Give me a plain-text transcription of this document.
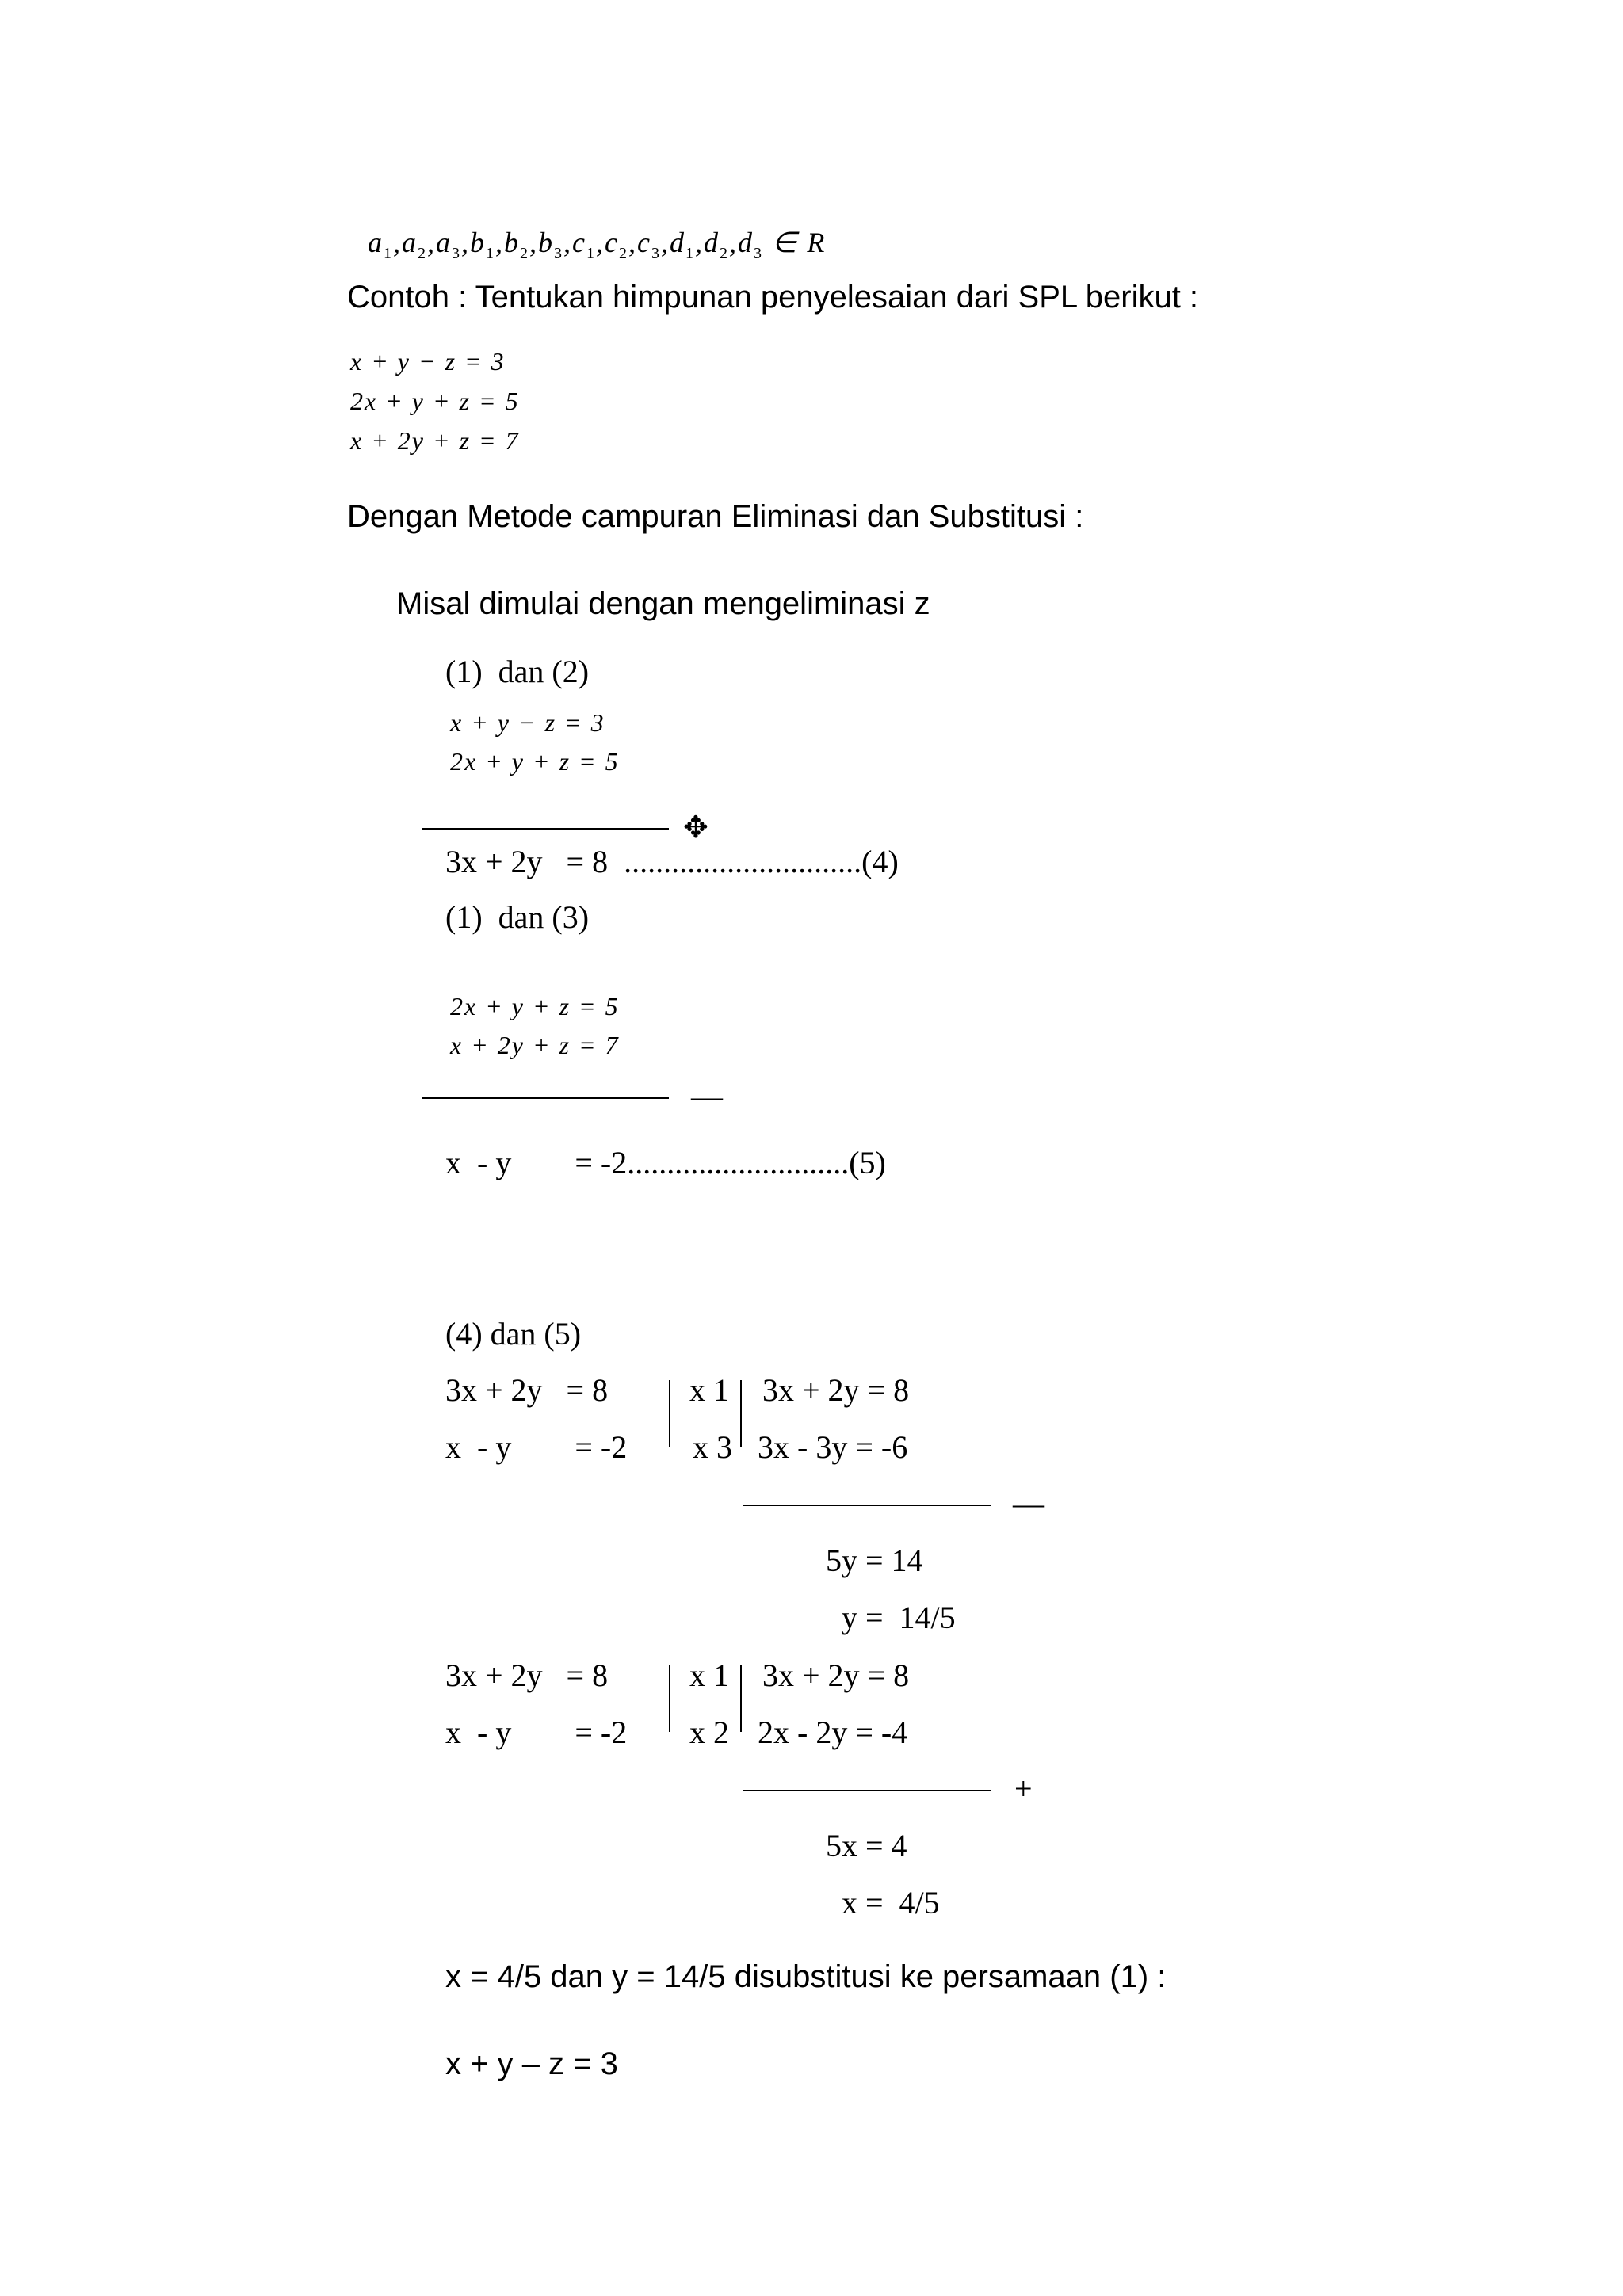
$a_1,a_2,a_3,b_1,b_2,b_3,c_1,c_2,c_3,d_1,d_2,d_3$ ∈ R

Contoh : Tentukan himpunan penyelesaian dari SPL berikut :
x + y − z = 3
2x + y + z = 5
x + 2y + z = 7
Dengan Metode campuran Eliminasi dan Substitusi :
Misal dimulai dengan mengeliminasi z
(1)  dan (2)
x + y − z = 3
2x + y + z = 5
✥
3x + 2y   = 8  ..............................(4)
(1)  dan (3)
2x + y + z = 5
x + 2y + z = 7
—
x  - y        = -2............................(5)
(4) dan (5)
3x + 2y   = 8
x  - y        = -2
x 1
x 3
3x + 2y = 8
3x - 3y = -6
—
5y = 14
y =  14/5
3x + 2y   = 8
x  - y        = -2
x 1
x 2
3x + 2y = 8
2x - 2y = -4
+
5x = 4
x =  4/5
x = 4/5 dan y = 14/5 disubstitusi ke persamaan (1) :
x + y – z = 3
